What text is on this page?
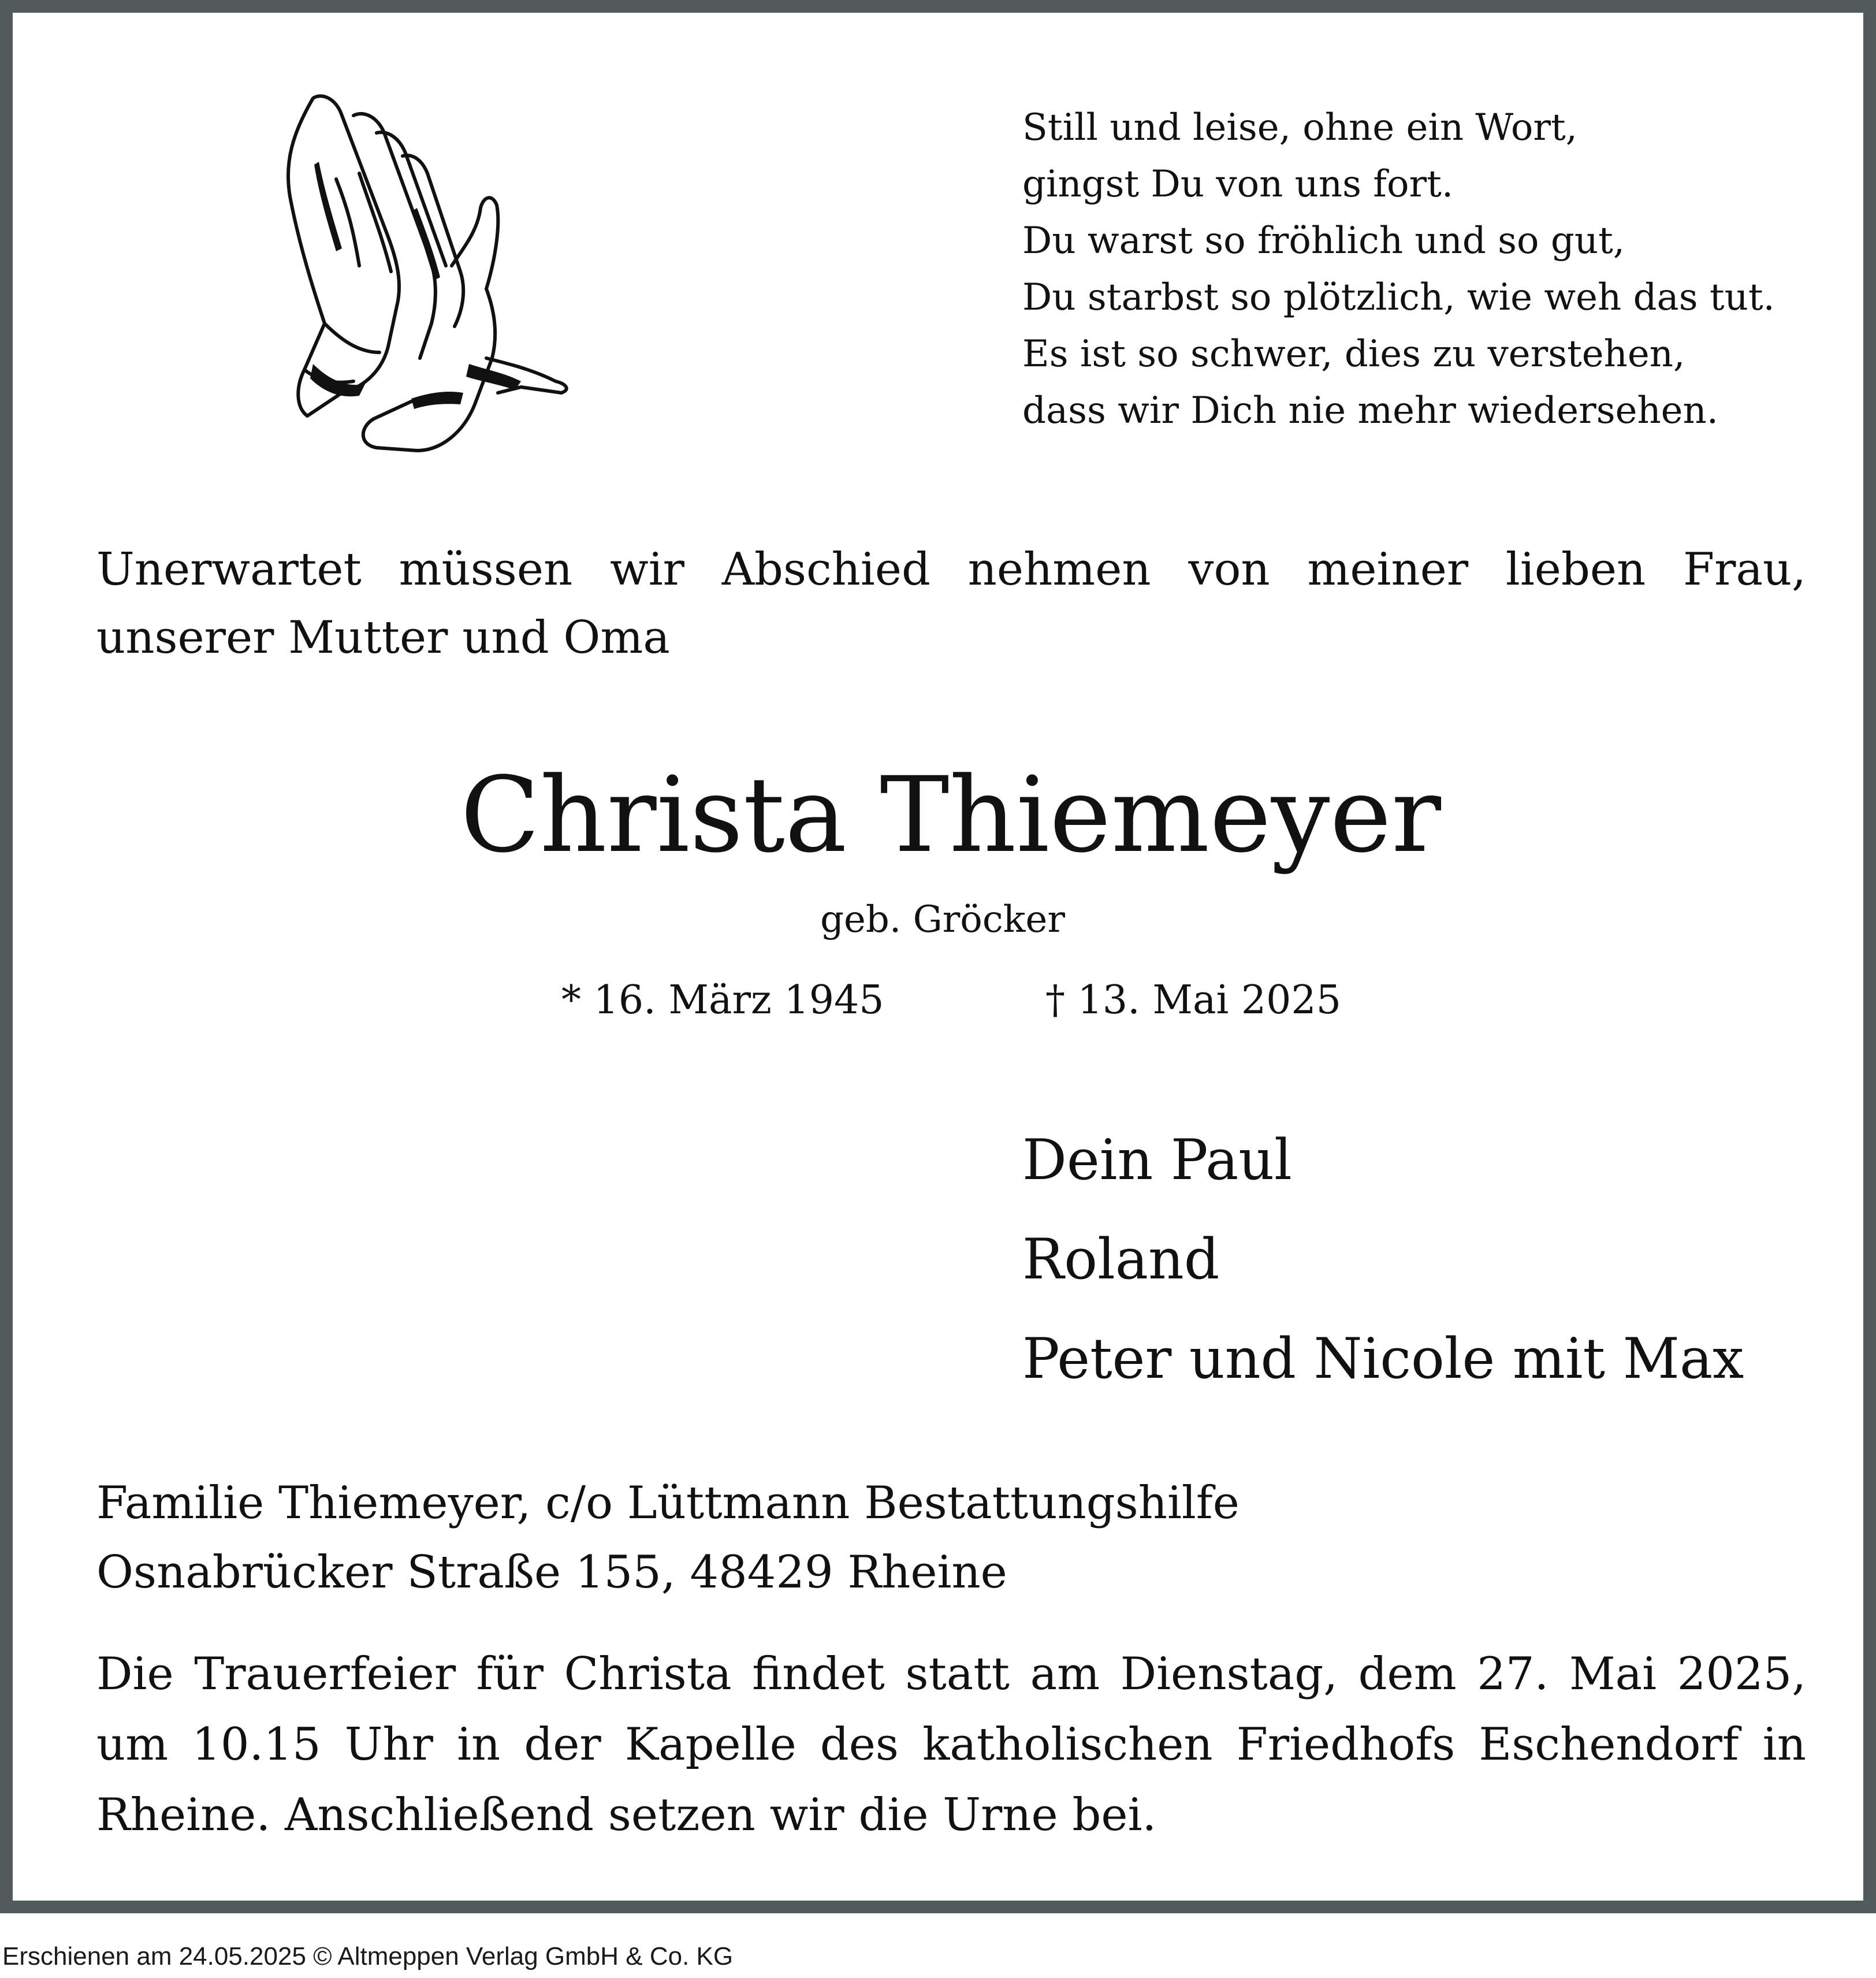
Still und leise, ohne ein Wort,
gingst Du von uns fort.
Du warst so fröhlich und so gut,
Du starbst so plötzlich, wie weh das tut.
Es ist so schwer, dies zu verstehen,
dass wir Dich nie mehr wiedersehen.
Unerwartet müssen wir Abschied nehmen von meiner lieben Frau,
unserer Mutter und Oma
Christa Thiemeyer
geb. Gröcker
* 16. März 1945	† 13. Mai 2025
Dein Paul
Roland
Peter und Nicole mit Max
Familie Thiemeyer, c/o Lüttmann Bestattungshilfe
Osnabrücker Straße 155, 48429 Rheine
Die Trauerfeier für Christa findet statt am Dienstag, dem 27. Mai 2025,
um 10.15 Uhr in der Kapelle des katholischen Friedhofs Eschendorf in
Rheine. Anschließend setzen wir die Urne bei.
Erschienen am 24.05.2025 © Altmeppen Verlag GmbH & Co. KG
